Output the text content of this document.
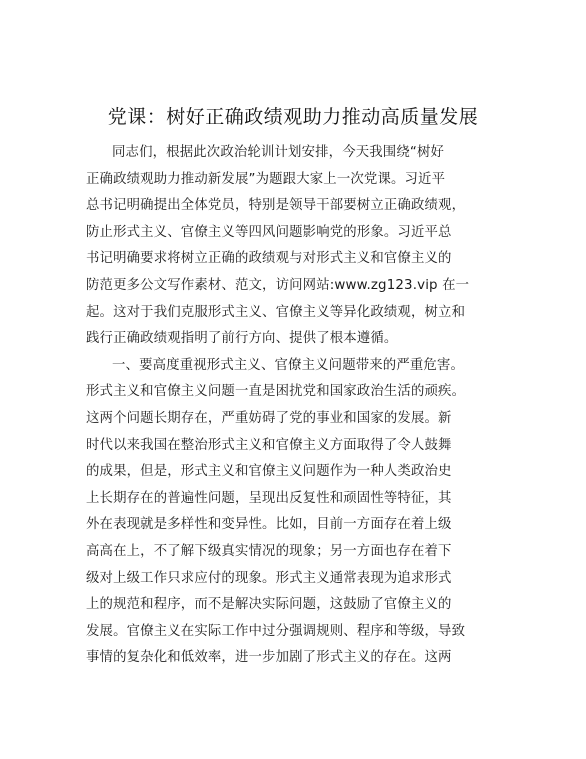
党课：树好正确政绩观助力推动高质量发展
同志们，根据此次政治轮训计划安排，今天我围绕“树好
正确政绩观助力推动新发展”为题跟大家上一次党课。习近平
总书记明确提出全体党员，特别是领导干部要树立正确政绩观，
防止形式主义、官僚主义等四风问题影响党的形象。习近平总
书记明确要求将树立正确的政绩观与对形式主义和官僚主义的
防范更多公文写作素材、范文，访问网站:www.zg123.vip 在一
起。这对于我们克服形式主义、官僚主义等异化政绩观，树立和
践行正确政绩观指明了前行方向、提供了根本遵循。
一、要高度重视形式主义、官僚主义问题带来的严重危害。
形式主义和官僚主义问题一直是困扰党和国家政治生活的顽疾。
这两个问题长期存在，严重妨碍了党的事业和国家的发展。新
时代以来我国在整治形式主义和官僚主义方面取得了令人鼓舞
的成果，但是，形式主义和官僚主义问题作为一种人类政治史
上长期存在的普遍性问题，呈现出反复性和顽固性等特征，其
外在表现就是多样性和变异性。比如，目前一方面存在着上级
高高在上，不了解下级真实情况的现象；另一方面也存在着下
级对上级工作只求应付的现象。形式主义通常表现为追求形式
上的规范和程序，而不是解决实际问题，这鼓励了官僚主义的
发展。官僚主义在实际工作中过分强调规则、程序和等级，导致
事情的复杂化和低效率，进一步加剧了形式主义的存在。这两
